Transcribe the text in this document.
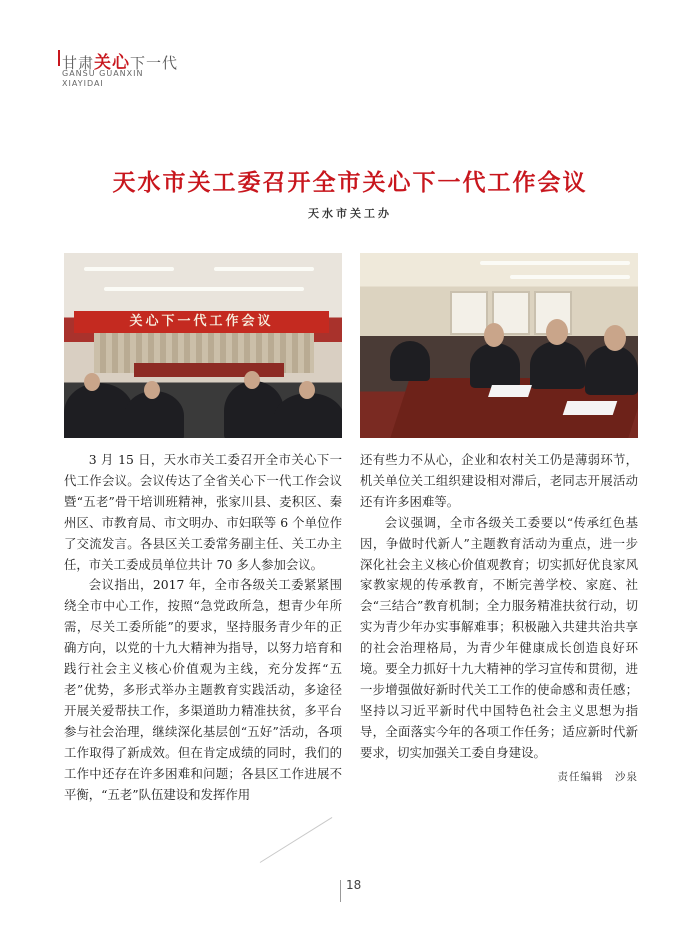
甘肃关心下一代
GANSU GUANXIN
XIAYIDAI
天水市关工委召开全市关心下一代工作会议
天水市关工办
关心下一代工作会议

3 月 15 日，天水市关工委召开全市关心下一代工作会议。会议传达了全省关心下一代工作会议暨“五老”骨干培训班精神，张家川县、麦积区、秦州区、市教育局、市文明办、市妇联等 6 个单位作了交流发言。各县区关工委常务副主任、关工办主任，市关工委成员单位共计 70 多人参加会议。

会议指出，2017 年，全市各级关工委紧紧围绕全市中心工作，按照“急党政所急，想青少年所需，尽关工委所能”的要求，坚持服务青少年的正确方向，以党的十九大精神为指导，以努力培育和践行社会主义核心价值观为主线，充分发挥“五老”优势，多形式举办主题教育实践活动，多途径开展关爱帮扶工作，多渠道助力精准扶贫，多平台参与社会治理，继续深化基层创“五好”活动，各项工作取得了新成效。但在肯定成绩的同时，我们的工作中还存在许多困难和问题；各县区工作进展不平衡，“五老”队伍建设和发挥作用

还有些力不从心，企业和农村关工仍是薄弱环节，机关单位关工组织建设相对滞后，老同志开展活动还有许多困难等。

会议强调，全市各级关工委要以“传承红色基因，争做时代新人”主题教育活动为重点，进一步深化社会主义核心价值观教育；切实抓好优良家风家教家规的传承教育，不断完善学校、家庭、社会“三结合”教育机制；全力服务精准扶贫行动，切实为青少年办实事解难事；积极融入共建共治共享的社会治理格局，为青少年健康成长创造良好环境。要全力抓好十九大精神的学习宣传和贯彻，进一步增强做好新时代关工工作的使命感和责任感；坚持以习近平新时代中国特色社会主义思想为指导，全面落实今年的各项工作任务；适应新时代新要求，切实加强关工委自身建设。

责任编辑　沙泉
18
